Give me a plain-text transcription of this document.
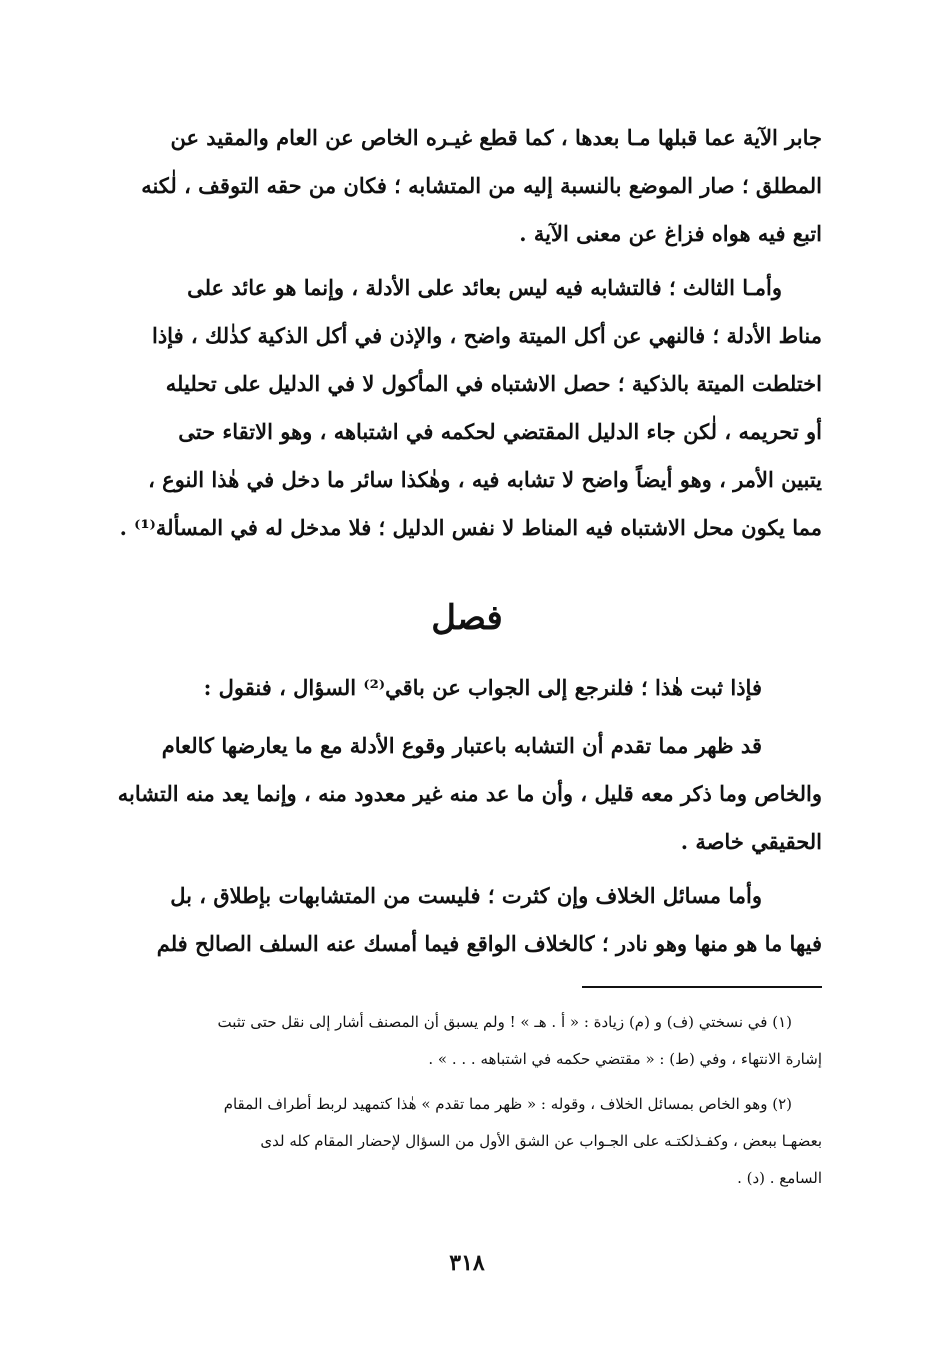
جابر الآية عما قبلها مـا بعدها ، كما قطع غيـره الخاص عن العام والمقيد عن
المطلق ؛ صار الموضع بالنسبة إليه من المتشابه ؛ فكان من حقه التوقف ، لٰكنه
اتبع فيه هواه فزاغ عن معنى الآية .
وأمـا الثالث ؛ فالتشابه فيه ليس بعائد على الأدلة ، وإنما هو عائد على
مناط الأدلة ؛ فالنهي عن أكل الميتة واضح ، والإذن في أكل الذكية كذٰلك ، فإذا
اختلطت الميتة بالذكية ؛ حصل الاشتباه في المأكول لا في الدليل على تحليله
أو تحريمه ، لٰكن جاء الدليل المقتضي لحكمه في اشتباهه ، وهو الاتقاء حتى
يتبين الأمر ، وهو أيضاً واضح لا تشابه فيه ، وهٰكذا سائر ما دخل في هٰذا النوع ،
مما يكون محل الاشتباه فيه المناط لا نفس الدليل ؛ فلا مدخل له في المسألة⁽¹⁾ .
فصل
فإذا ثبت هٰذا ؛ فلنرجع إلى الجواب عن باقي⁽²⁾ السؤال ، فنقول :
قد ظهر مما تقدم أن التشابه باعتبار وقوع الأدلة مع ما يعارضها كالعام
والخاص وما ذكر معه قليل ، وأن ما عد منه غير معدود منه ، وإنما يعد منه التشابه
الحقيقي خاصة .
وأما مسائل الخلاف وإن كثرت ؛ فليست من المتشابهات بإطلاق ، بل
فيها ما هو منها وهو نادر ؛ كالخلاف الواقع فيما أمسك عنه السلف الصالح فلم
(١) في نسختي (ف) و (م) زيادة : « أ . هـ » ! ولم يسبق أن المصنف أشار إلى نقل حتى تثبت
إشارة الانتهاء ، وفي (ط) : « مقتضي حكمه في اشتباهه . . . » .
(٢) وهو الخاص بمسائل الخلاف ، وقوله : « ظهر مما تقدم » هٰذا كتمهيد لربط أطراف المقام
بعضهـا ببعض ، وكفـذلكتـه على الجـواب عن الشق الأول من السؤال لإحضار المقام كله لدى
السامع . (د) .
٣١٨
